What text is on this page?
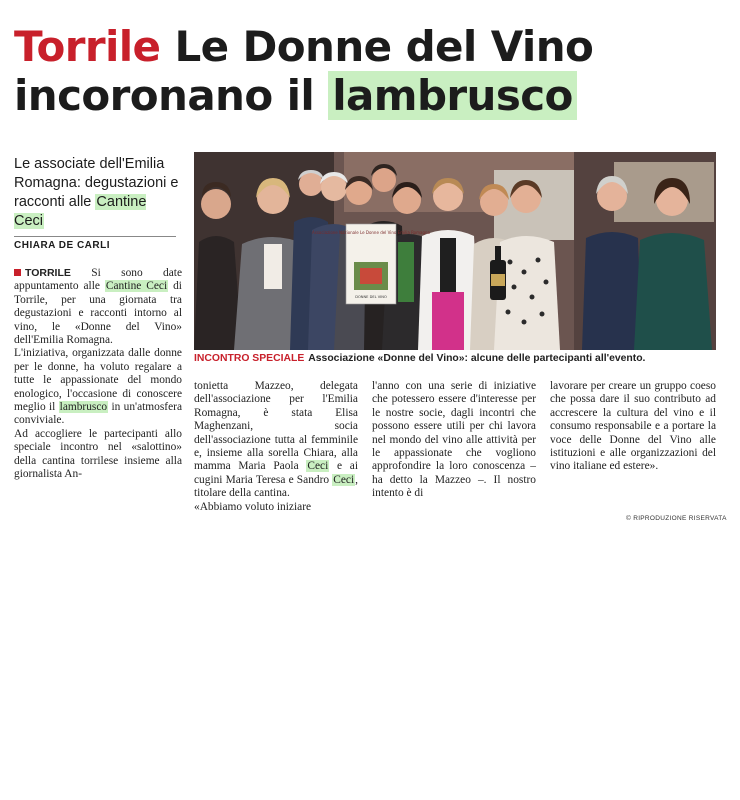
Torrile Le Donne del Vino incoronano il lambrusco
Le associate dell'Emilia Romagna: degustazioni e racconti alle Cantine Ceci
CHIARA DE CARLI
Associazione Nazionale Le Donne del Vino Emilia Romagna
DONNE DEL VINO
INCONTRO SPECIALE Associazione «Donne del Vino»: alcune delle partecipanti all'evento.

TORRILE Si sono date appuntamento alle Cantine Ceci di Torrile, per una giornata tra degustazioni e racconti intorno al vino, le «Donne del Vino» dell'Emilia Romagna.

L'iniziativa, organizzata dalle donne per le donne, ha voluto regalare a tutte le appassionate del mondo enologico, l'occasione di conoscere meglio il lambrusco in un'atmosfera conviviale.

Ad accogliere le partecipanti allo speciale incontro nel «salottino» della cantina torrilese insieme alla giornalista An-

tonietta Mazzeo, delegata dell'associazione per l'Emilia Romagna, è stata Elisa Maghenzani, socia dell'associazione tutta al femminile e, insieme alla sorella Chiara, alla mamma Maria Paola Ceci e ai cugini Maria Teresa e Sandro Ceci, titolare della cantina.

«Abbiamo voluto iniziare

l'anno con una serie di iniziative che potessero essere d'interesse per le nostre socie, dagli incontri che possono essere utili per chi lavora nel mondo del vino alle attività per le appassionate che vogliono approfondire la loro conoscenza – ha detto la Mazzeo –. Il nostro intento è di

lavorare per creare un gruppo coeso che possa dare il suo contributo ad accrescere la cultura del vino e il consumo responsabile e a portare la voce delle Donne del Vino alle istituzioni e alle organizzazioni del vino italiane ed estere».

© RIPRODUZIONE RISERVATA
